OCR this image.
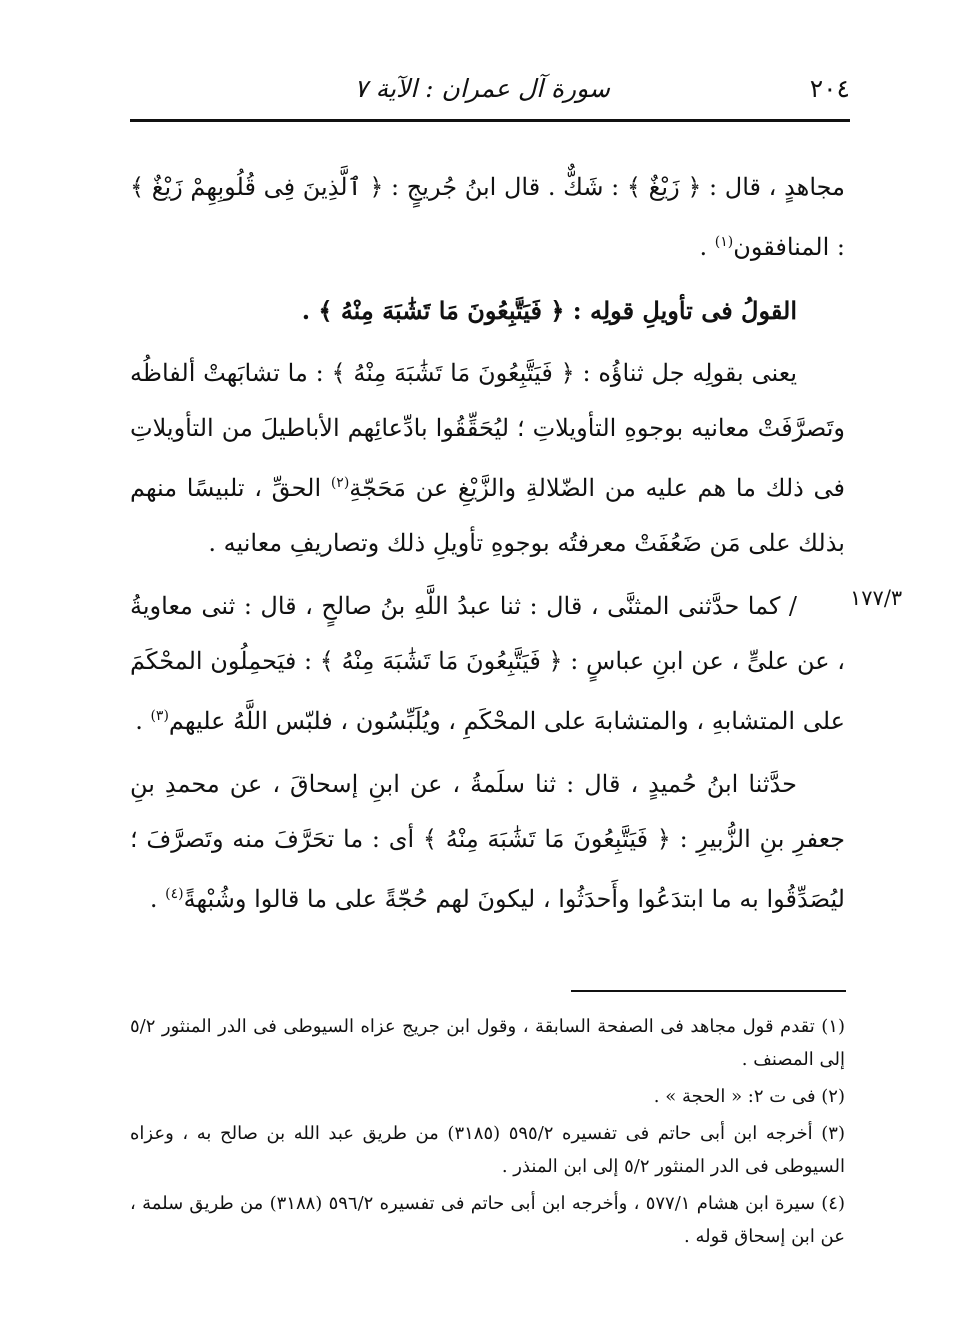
٢٠٤
سورة آل عمران : الآية ٧
١٧٧/٣

مجاهدٍ ، قال : ﴿ زَيْغٌ ﴾ : شَكٌّ . قال ابنُ جُريجٍ : ﴿ ٱلَّذِينَ فِى قُلُوبِهِمْ زَيْغٌ ﴾ : المنافقون$^{(١)}$ .

القولُ فى تأويلِ قولِه : ﴿ فَيَتَّبِعُونَ مَا تَشَٰبَهَ مِنْهُ ﴾ .

يعنى بقولِه جل ثناؤُه : ﴿ فَيَتَّبِعُونَ مَا تَشَٰبَهَ مِنْهُ ﴾ : ما تشابَهتْ ألفاظُه وتَصرَّفَتْ معانيه بوجوهِ التأويلاتِ ؛ ليُحَقِّقُوا بادِّعائِهم الأباطيلَ من التأويلاتِ فى ذلك ما هم عليه من الضّلالةِ والزَّيْغِ عن مَحَجّةِ$^{(٢)}$ الحقِّ ، تلبيسًا منهم بذلك على مَن ضَعُفَتْ معرفتُه بوجوهِ تأويلِ ذلك وتصاريفِ معانيه .

/ كما حدَّثنى المثنَّى ، قال : ثنا عبدُ اللَّهِ بنُ صالحٍ ، قال : ثنى معاويةُ ، عن علىٍّ ، عن ابنِ عباسٍ : ﴿ فَيَتَّبِعُونَ مَا تَشَٰبَهَ مِنْهُ ﴾ : فيَحمِلُون المحْكَمَ على المتشابهِ ، والمتشابهَ على المحْكَمِ ، ويُلَبِّسُون ، فلبّس اللَّهُ عليهم$^{(٣)}$ .

حدَّثنا ابنُ حُميدٍ ، قال : ثنا سلَمةُ ، عن ابنِ إسحاقَ ، عن محمدِ بنِ جعفرِ بنِ الزُّبيرِ : ﴿ فَيَتَّبِعُونَ مَا تَشَٰبَهَ مِنْهُ ﴾ أى : ما تحَرَّفَ منه وتَصرَّفَ ؛ ليُصَدِّقُوا به ما ابتدَعُوا وأَحدَثُوا ، ليكونَ لهم حُجّةً على ما قالوا وشُبْهةً$^{(٤)}$ .

(١) تقدم قول مجاهد فى الصفحة السابقة ، وقول ابن جريج عزاه السيوطى فى الدر المنثور ٥/٢ إلى المصنف .

(٢) فى ت ٢: « الحجة » .

(٣) أخرجه ابن أبى حاتم فى تفسيره ٥٩٥/٢ (٣١٨٥) من طريق عبد الله بن صالح به ، وعزاه السيوطى فى الدر المنثور ٥/٢ إلى ابن المنذر .

(٤) سيرة ابن هشام ٥٧٧/١ ، وأخرجه ابن أبى حاتم فى تفسيره ٥٩٦/٢ (٣١٨٨) من طريق سلمة ، عن ابن إسحاق قوله .
